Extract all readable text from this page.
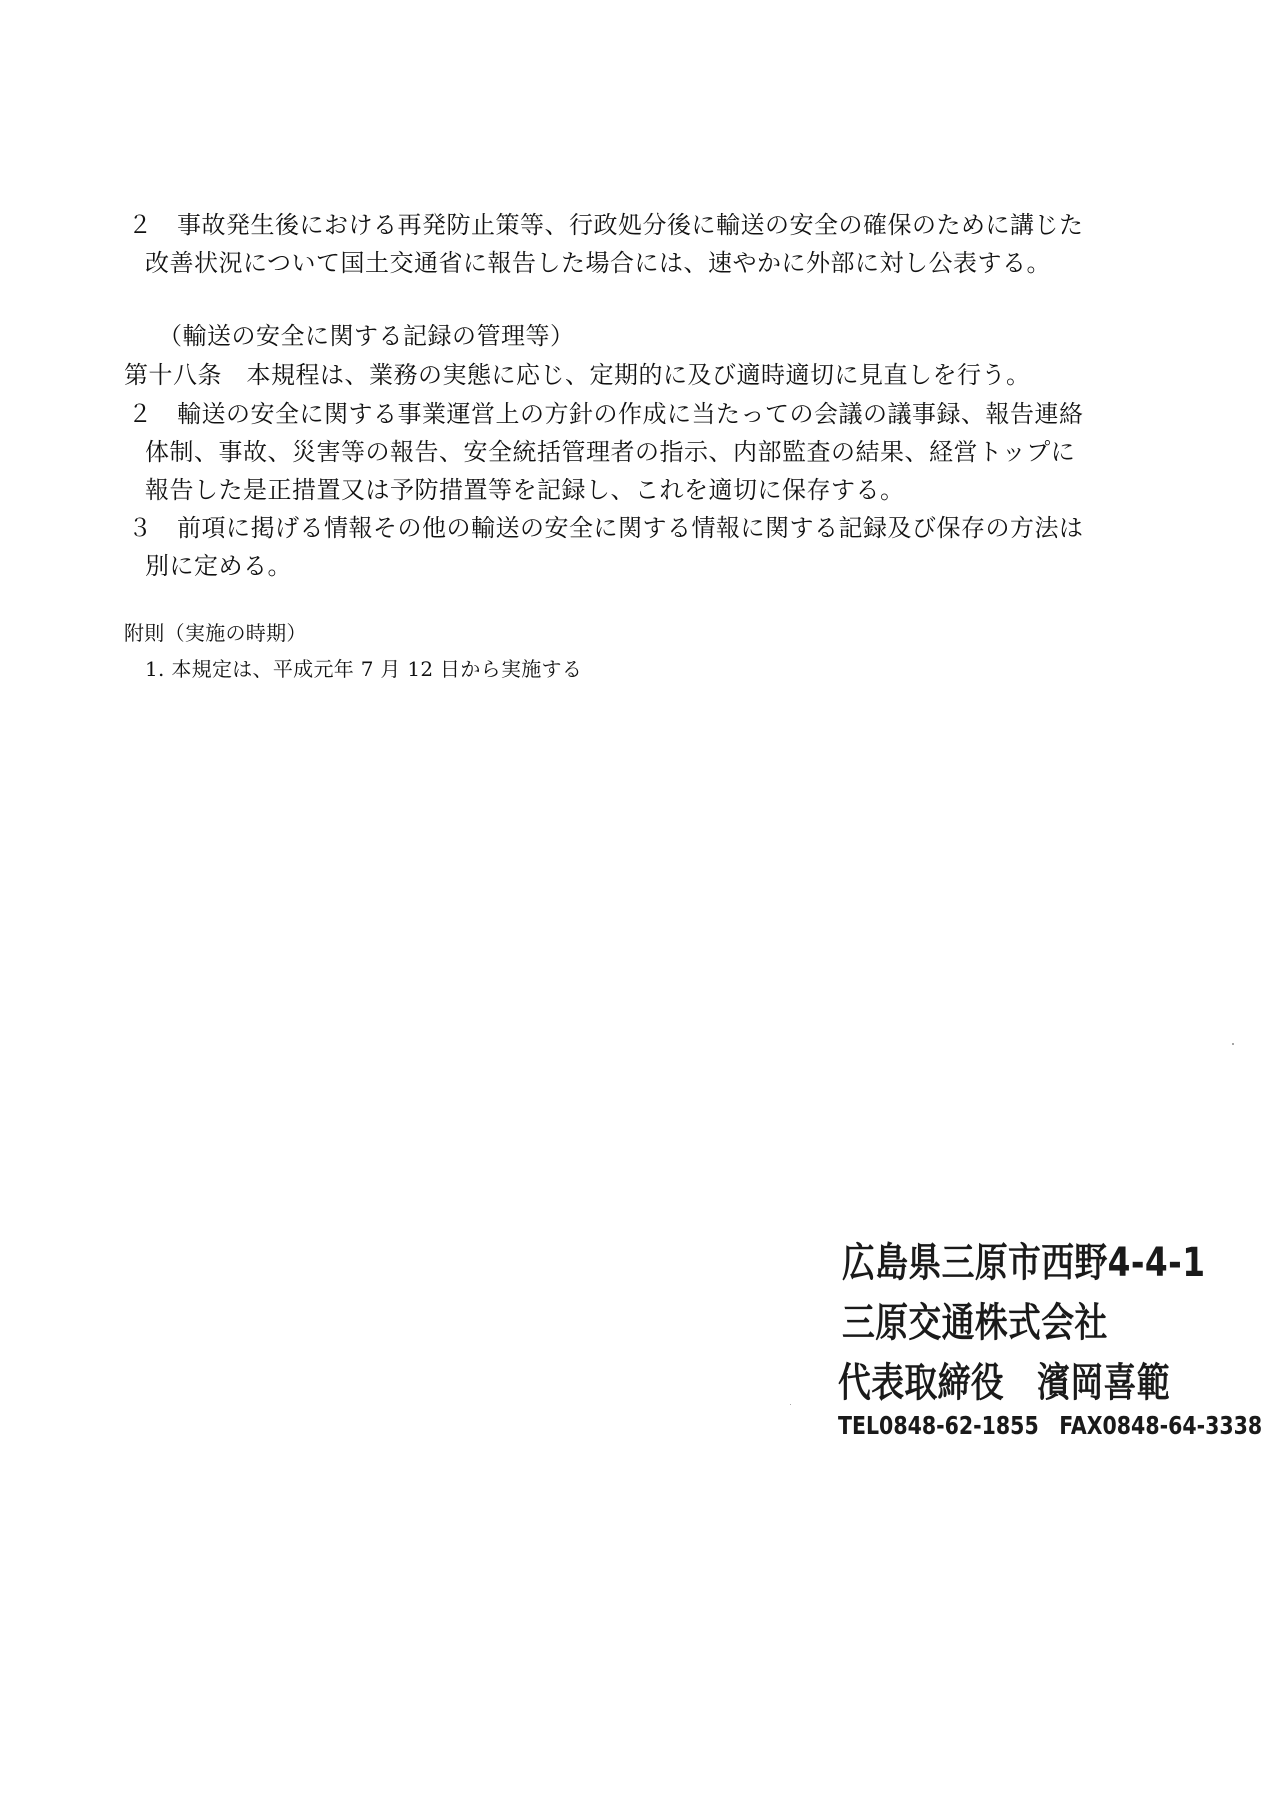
２　事故発生後における再発防止策等、行政処分後に輸送の安全の確保のために講じた
改善状況について国土交通省に報告した場合には、速やかに外部に対し公表する。
（輸送の安全に関する記録の管理等）
第十八条　本規程は、業務の実態に応じ、定期的に及び適時適切に見直しを行う。
２　輸送の安全に関する事業運営上の方針の作成に当たっての会議の議事録、報告連絡
体制、事故、災害等の報告、安全統括管理者の指示、内部監査の結果、経営トップに
報告した是正措置又は予防措置等を記録し、これを適切に保存する。
３　前項に掲げる情報その他の輸送の安全に関する情報に関する記録及び保存の方法は
別に定める。
附則（実施の時期）
1. 本規定は、平成元年 7 月 12 日から実施する
広島県三原市西野4-4-1
三原交通株式会社
代表取締役　濱岡喜範
TEL0848-62-1855　FAX0848-64-3338
